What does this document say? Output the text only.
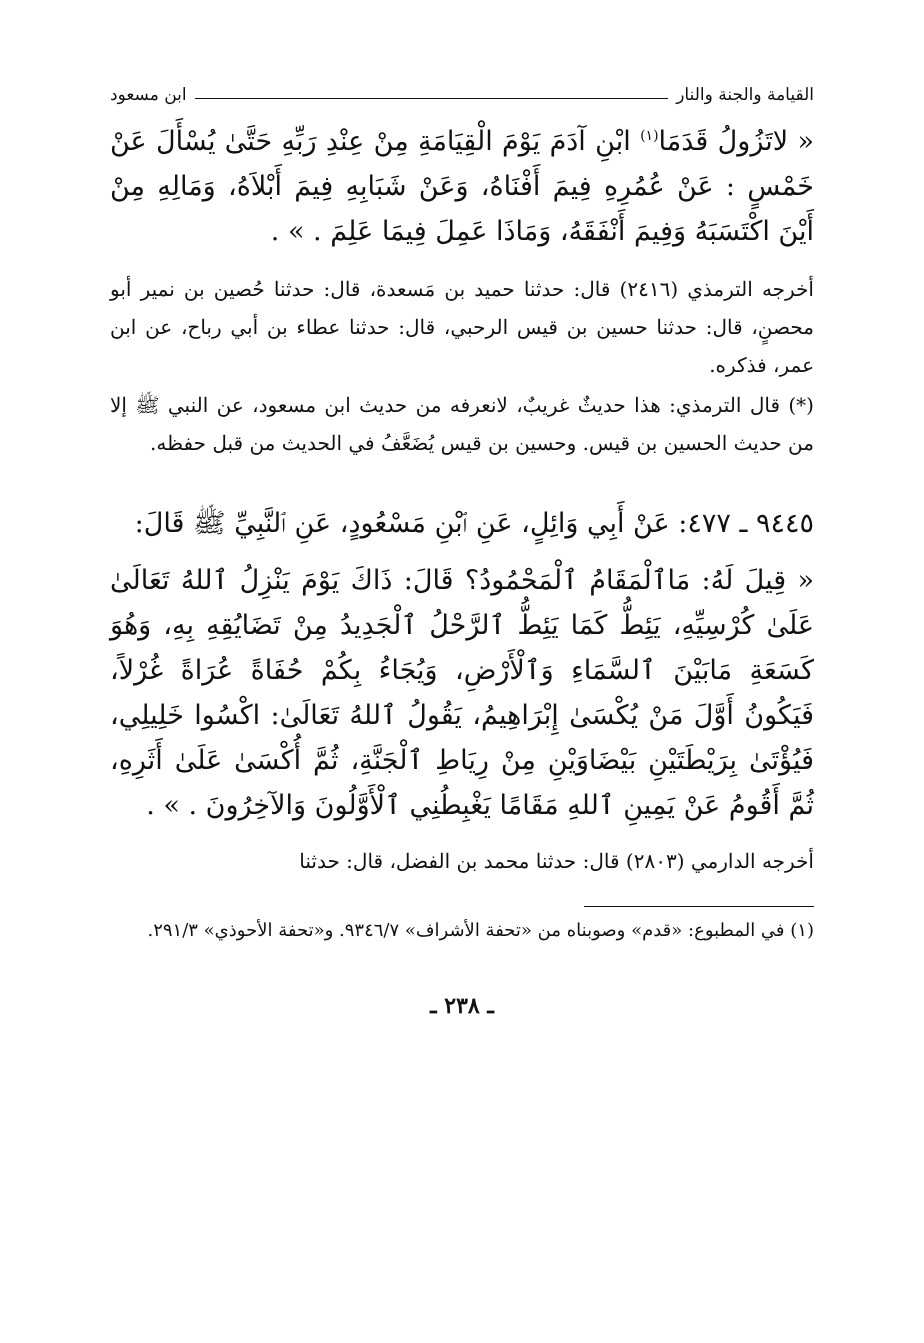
القيامة والجنة والنار
ابن مسعود

« لاتَزُولُ قَدَمَا$^{(١)}$ ابْنِ آدَمَ يَوْمَ الْقِيَامَةِ مِنْ عِنْدِ رَبِّهِ حَتَّىٰ يُسْأَلَ عَنْ خَمْسٍ : عَنْ عُمُرِهِ فِيمَ أَفْنَاهُ، وَعَنْ شَبَابِهِ فِيمَ أَبْلاَهُ، وَمَالِهِ مِنْ أَيْنَ اكْتَسَبَهُ وَفِيمَ أَنْفَقَهُ، وَمَاذَا عَمِلَ فِيمَا عَلِمَ . » .

أخرجه الترمذي (٢٤١٦) قال: حدثنا حميد بن مَسعدة، قال: حدثنا حُصين بن نمير أبو محصنٍ، قال: حدثنا حسين بن قيس الرحبي، قال: حدثنا عطاء بن أبي رباح، عن ابن عمر، فذكره.

(*) قال الترمذي: هذا حديثٌ غريبٌ، لانعرفه من حديث ابن مسعود، عن النبي ﷺ إلا من حديث الحسين بن قيس. وحسين بن قيس يُضَعَّفُ في الحديث من قبل حفظه.

٩٤٤٥ ـ ٤٧٧: عَنْ أَبِي وَائِلٍ، عَنِ ٱبْنِ مَسْعُودٍ، عَنِ ٱلنَّبِيِّ ﷺ قَالَ:

« قِيلَ لَهُ: مَاٱلْمَقَامُ ٱلْمَحْمُودُ؟ قَالَ: ذَاكَ يَوْمَ يَنْزِلُ ٱللهُ تَعَالَىٰ عَلَىٰ كُرْسِيِّهِ، يَئِطُّ كَمَا يَئِطُّ ٱلرَّحْلُ ٱلْجَدِيدُ مِنْ تَضَايُقِهِ بِهِ، وَهُوَ كَسَعَةِ مَابَيْنَ ٱلسَّمَاءِ وَٱلْأَرْضِ، وَيُجَاءُ بِكُمْ حُفَاةً عُرَاةً غُرْلاً، فَيَكُونُ أَوَّلَ مَنْ يُكْسَىٰ إِبْرَاهِيمُ، يَقُولُ ٱللهُ تَعَالَىٰ: اكْسُوا خَلِيلِي، فَيُؤْتَىٰ بِرَيْطَتَيْنِ بَيْضَاوَيْنِ مِنْ رِيَاطِ ٱلْجَنَّةِ، ثُمَّ أُكْسَىٰ عَلَىٰ أَثَرِهِ، ثُمَّ أَقُومُ عَنْ يَمِينِ ٱللهِ مَقَامًا يَغْبِطُنِي ٱلْأَوَّلُونَ وَالآخِرُونَ . » .

أخرجه الدارمي (٢٨٠٣) قال: حدثنا محمد بن الفضل، قال: حدثنا

(١) في المطبوع: «قدم» وصوبناه من «تحفة الأشراف» ٩٣٤٦/٧. و«تحفة الأحوذي» ٢٩١/٣.

ـ ٢٣٨ ـ
